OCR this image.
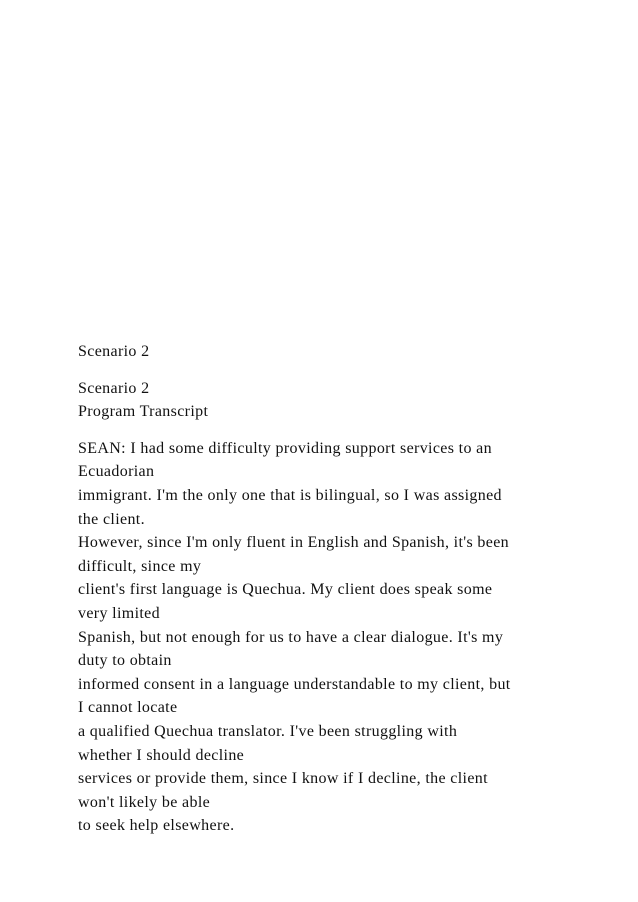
Scenario 2
Scenario 2
Program Transcript
SEAN: I had some difficulty providing support services to an
Ecuadorian
immigrant. I'm the only one that is bilingual, so I was assigned
the client.
However, since I'm only fluent in English and Spanish, it's been
difficult, since my
client's first language is Quechua. My client does speak some
very limited
Spanish, but not enough for us to have a clear dialogue. It's my
duty to obtain
informed consent in a language understandable to my client, but
I cannot locate
a qualified Quechua translator. I've been struggling with
whether I should decline
services or provide them, since I know if I decline, the client
won't likely be able
to seek help elsewhere.
